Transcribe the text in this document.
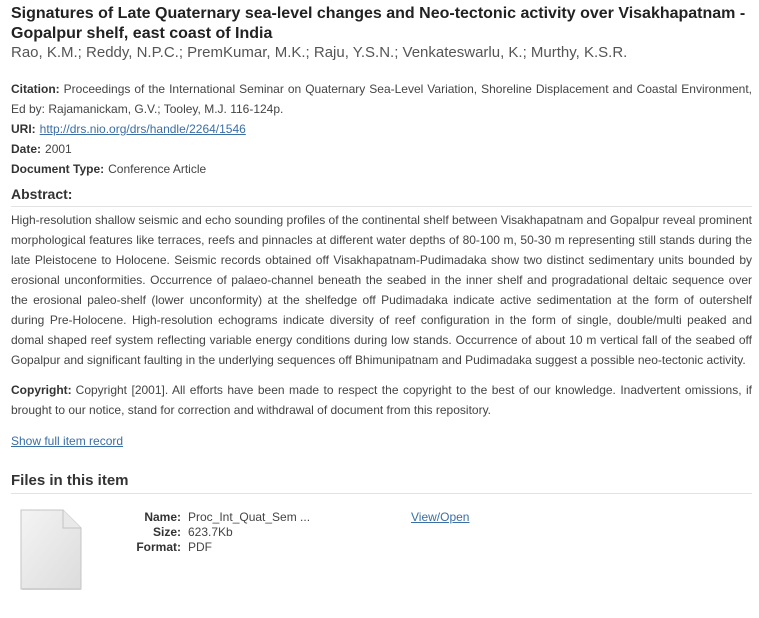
Signatures of Late Quaternary sea-level changes and Neo-tectonic activity over Visakhapatnam - Gopalpur shelf, east coast of India
Rao, K.M.; Reddy, N.P.C.; PremKumar, M.K.; Raju, Y.S.N.; Venkateswarlu, K.; Murthy, K.S.R.
Citation: Proceedings of the International Seminar on Quaternary Sea-Level Variation, Shoreline Displacement and Coastal Environment, Ed by: Rajamanickam, G.V.; Tooley, M.J. 116-124p.
URI: http://drs.nio.org/drs/handle/2264/1546
Date: 2001
Document Type: Conference Article
Abstract:
High-resolution shallow seismic and echo sounding profiles of the continental shelf between Visakhapatnam and Gopalpur reveal prominent morphological features like terraces, reefs and pinnacles at different water depths of 80-100 m, 50-30 m representing still stands during the late Pleistocene to Holocene. Seismic records obtained off Visakhapatnam-Pudimadaka show two distinct sedimentary units bounded by erosional unconformities. Occurrence of palaeo-channel beneath the seabed in the inner shelf and progradational deltaic sequence over the erosional paleo-shelf (lower unconformity) at the shelfedge off Pudimadaka indicate active sedimentation at the form of outershelf during Pre-Holocene. High-resolution echograms indicate diversity of reef configuration in the form of single, double/multi peaked and domal shaped reef system reflecting variable energy conditions during low stands. Occurrence of about 10 m vertical fall of the seabed off Gopalpur and significant faulting in the underlying sequences off Bhimunipatnam and Pudimadaka suggest a possible neo-tectonic activity.
Copyright: Copyright [2001]. All efforts have been made to respect the copyright to the best of our knowledge. Inadvertent omissions, if brought to our notice, stand for correction and withdrawal of document from this repository.
Show full item record
Files in this item
Name: Proc_Int_Quat_Sem ...
Size: 623.7Kb
Format: PDF
View/Open
